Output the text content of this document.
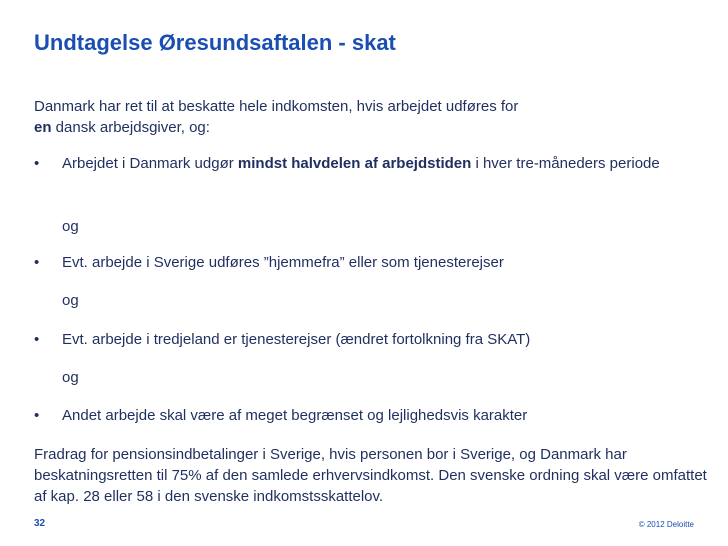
Undtagelse Øresundsaftalen - skat
Danmark har ret til at beskatte hele indkomsten, hvis arbejdet udføres for
en dansk arbejdsgiver, og:
• Arbejdet i Danmark udgør mindst halvdelen af arbejdstiden i hver tre-måneders periode
og
• Evt. arbejde i Sverige udføres ”hjemmefra” eller som tjenesterejser
og
• Evt. arbejde i tredjeland er tjenesterejser (ændret fortolkning fra SKAT)
og
• Andet arbejde skal være af meget begrænset og lejlighedsvis karakter
Fradrag for pensionsindbetalinger i Sverige, hvis personen bor i Sverige, og Danmark har beskatningsretten til 75% af den samlede erhvervsindkomst. Den svenske ordning skal være omfattet af kap. 28 eller 58 i den svenske indkomstsskattelov.
32	© 2012 Deloitte
